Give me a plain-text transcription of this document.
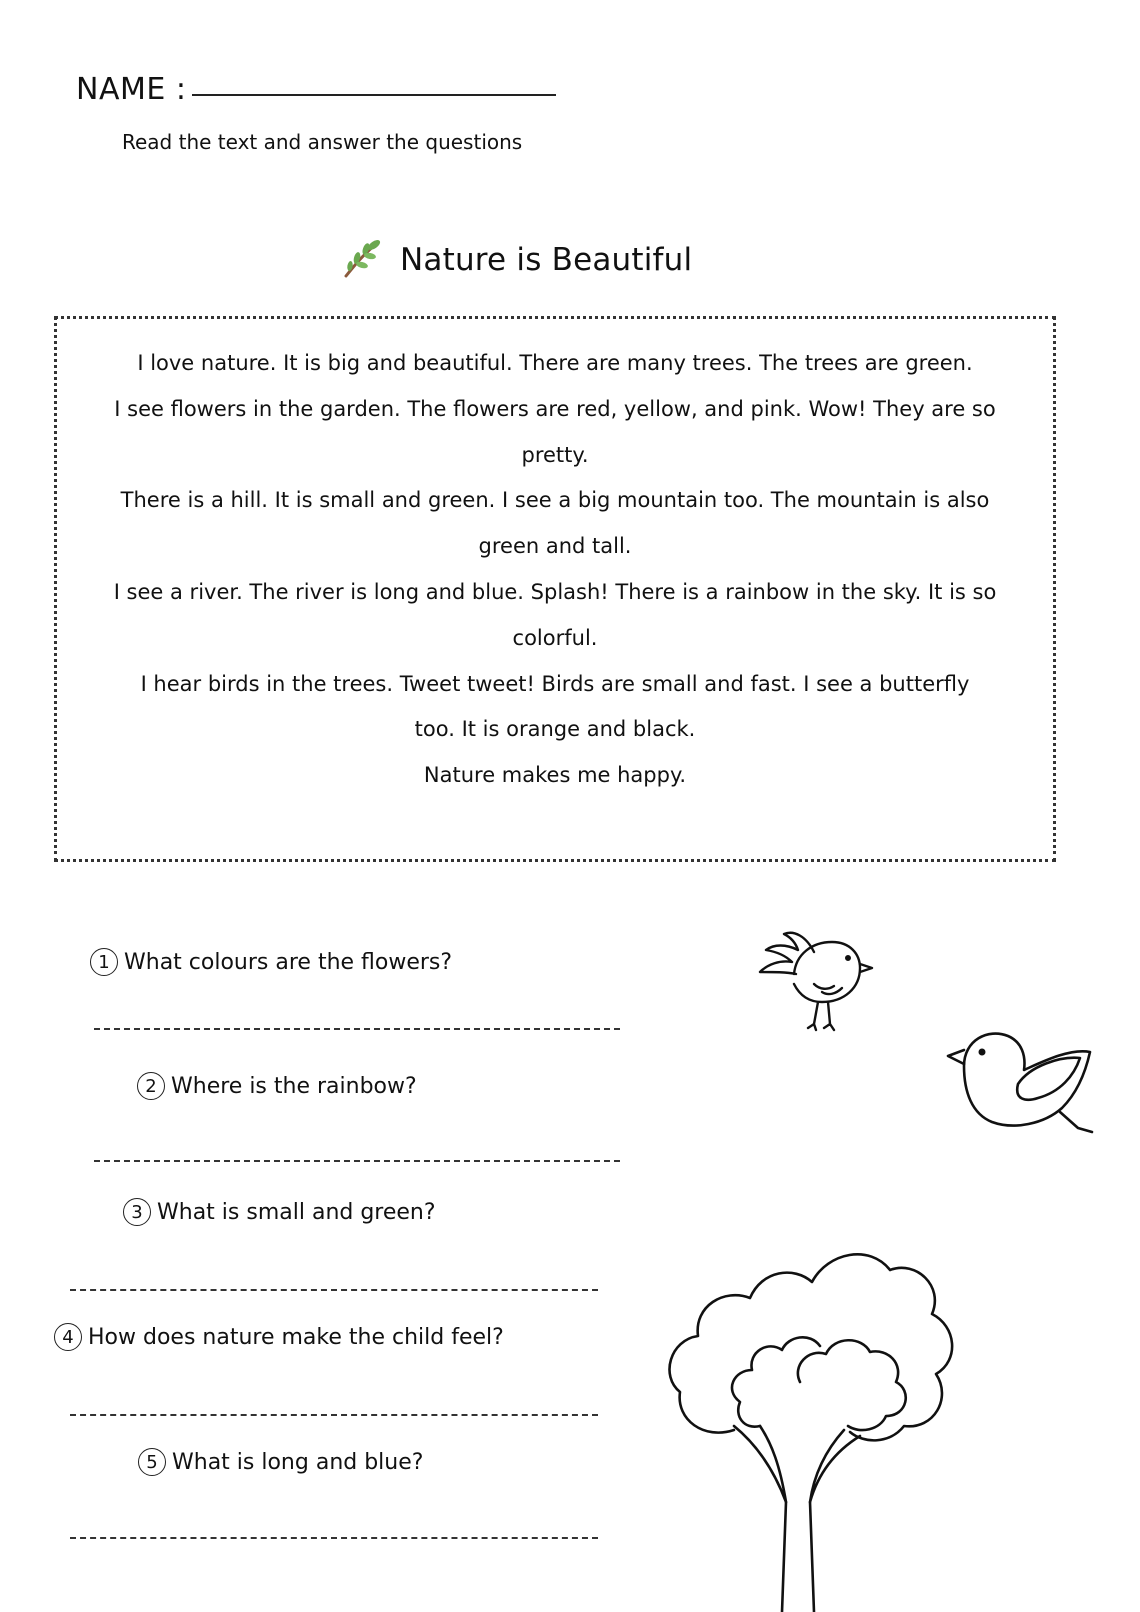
NAME :
Read the text and answer the questions
Nature is Beautiful

I love nature. It is big and beautiful. There are many trees. The trees are green.

I see flowers in the garden. The flowers are red, yellow, and pink. Wow! They are so

pretty.

There is a hill. It is small and green. I see a big mountain too. The mountain is also

green and tall.

I see a river. The river is long and blue. Splash! There is a rainbow in the sky. It is so

colorful.

I hear birds in the trees. Tweet tweet! Birds are small and fast. I see a butterfly

too. It is orange and black.

Nature makes me happy.

1 What colours are the flowers?
2 Where is the rainbow?
3 What is small and green?
4 How does nature make the child feel?
5 What is long and blue?
